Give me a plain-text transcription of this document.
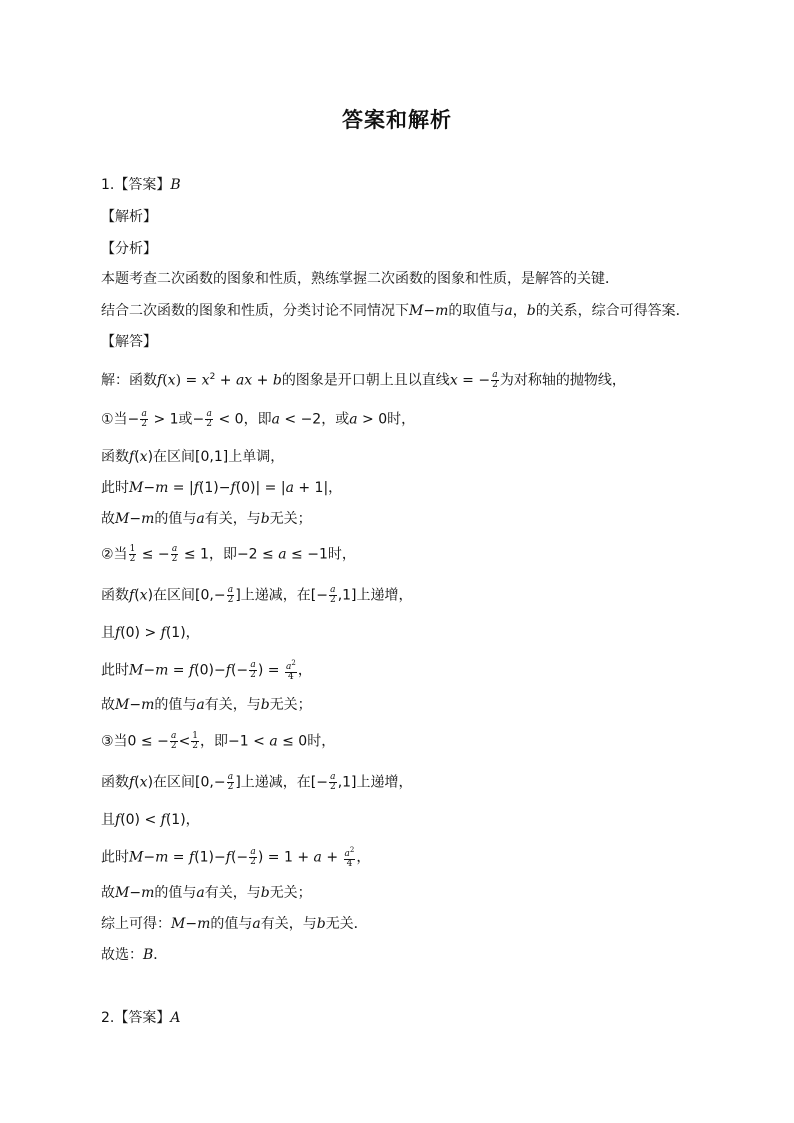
答案和解析
1.【答案】B
【解析】
【分析】
本题考查二次函数的图象和性质，熟练掌握二次函数的图象和性质，是解答的关键．
结合二次函数的图象和性质，分类讨论不同情况下M−m的取值与a，b的关系，综合可得答案．
【解答】
解：函数$f(x) = x^2$ + ax + b的图象是开口朝上且以直线x = − $\frac{a}{2}$ 为对称轴的抛物线，
①当− $\frac{a}{2} > 1$或− $\frac{a}{2} < 0$，即a < −2，或a > 0时，
函数f(x)在区间[0,1]上单调，
此时M−m = |f(1)−f(0)| = |a + 1|，
故M−m的值与a有关，与b无关；
②当 $\frac{1}{2}$ ≤ − $\frac{a}{2} \le 1$，即−2 ≤ a ≤ −1时，
函数f(x)在区间[$0,- \frac{a}{2}$ ]上递减，在[− $\frac{a}{2} ,1$]上递增，
且f(0) > f(1)，
此时$M-m = f(0)-f(- \frac{a}{2}$ ) = $\frac{a^2}{4}$ ，
故M−m的值与a有关，与b无关；
③当0 ≤ − $\frac{a}{2} < \frac{1}{2}$ ，即−1 < a ≤ 0时，
函数f(x)在区间[$0,- \frac{a}{2}$ ]上递减，在[− $\frac{a}{2} ,1$]上递增，
且f(0) < f(1)，
此时$M-m = f(1)-f(- \frac{a}{2}$ ) = $1 + a + \frac{a^2}{4}$ ，
故M−m的值与a有关，与b无关；
综上可得：M−m的值与a有关，与b无关．
故选：B．
2.【答案】A
